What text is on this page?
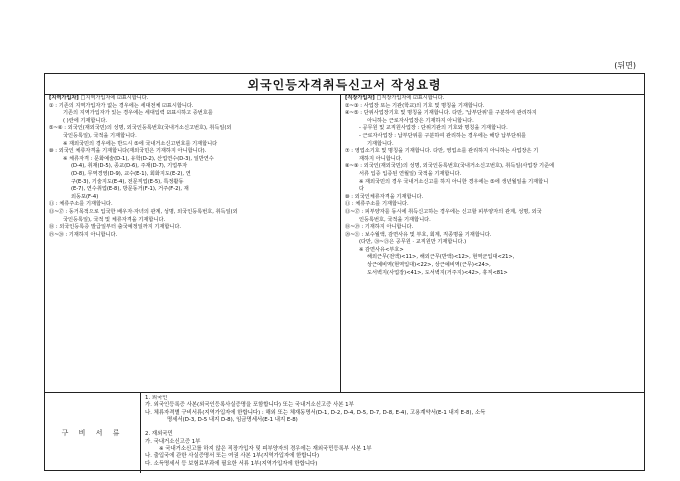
(뒤면)
외국인등자격취득신고서 작성요령
[지역가입자] □지역가입자에 ☑표시합니다.
① : 기존의 지역가입자가 없는 경우에는 세대전체 ☑표시합니다.
기존의 지역가입자가 있는 경우에는 세대입력 ☑표시하고 증번호를
( )란에 기재합니다.
⑤~⑥ : 외국인(재외국민)의 성명, 외국인등록번호(국내거소신고번호), 취득일(외
국인등록일), 국적을 기재합니다.
※ 재외국민의 경우에는 반드시 ⑤에 국내거소신고번호를 기재합니다
⑩ : 외국인 체류자격을 기재합니다(재외국민은 기재하지 아니합니다).
※ 체류자격 : 문화예술(D-1), 유학(D-2), 산업연수(D-3), 일반연수
(D-4), 취재(D-5), 종교(D-6), 주재(D-7), 기업투자
(D-8), 무역경영(D-9), 교수(E-1), 회화지도(E-2), 연
구(E-3), 기술지도(E-4), 전문직업(E-5), 특정활동
(E-7), 연수취업(E-8), 방문동거(F-1), 거주(F-2), 재
외동포(F-4)
⑪ : 체류주소를 기재합니다.
⑬~⑰ : 동거목적으로 입국한 배우자·자녀의 관계, 성명, 외국인등록번호, 취득일(외
국인등록일), 국적 및 체류자격을 기재합니다.
⑱ : 외국인등록증 발급일부터 출국예정일까지 기재합니다.
⑲~⑳ : 기재하지 아니합니다.
[직장가입자] □직장가입자에 ☑표시합니다.
②~③ : 사업장 또는 기관(학교)의 기호 및 명칭을 기재합니다.
④~⑤ : 단위사업장기호 및 명칭을 기재합니다. 다만, '납부단위'를 구분하여 관리하지
아니하는 근로자사업장은 기재하지 아니합니다.
- 공무원 및 교직원사업장 : 단위기관의 기호와 명칭을 기재합니다.
- 근로자사업장 : 납부단위를 구분하여 관리하는 경우에는 해당 납부단위를
기재합니다.
⑦ : 영업소기호 및 명칭을 기재합니다. 다만, 영업소를 관리하지 아니하는 사업장은 기
재하지 아니합니다.
⑧~⑨ : 외국인(재외국민)의 성명, 외국인등록번호(국내거소신고번호), 취득일(사업장 기준에
서류 입증 입증된 연월일) 국적을 기재합니다.
※ 재외국민의 경우 국내거소신고를 하지 아니한 경우에는 ⑤에 생년월일을 기재합니
다
⑩ : 외국인체류자격을 기재합니다.
⑪ : 체류주소를 기재합니다.
⑬~⑰ : 피부양자를 동시에 취득신고하는 경우에는 신고할 피부양자의 관계, 성명, 외국
인등록번호, 국적을 기재합니다.
⑱~⑲ : 기재하지 아니합니다.
⑳~㉑ : 보수월액, 감면사유 및 부호, 회계, 직종명을 기재합니다.
(다만, ⑳~㉑은 공무원 · 교직원만 기재합니다.)
※ 감면사유<부호>
해외근무(전액)<11>, 해외근무(반액)<12>, 현역군입대<21>,
상근예비역(현역입대)<22>, 상근예비역(근무)<24>,
도서벽지(사업장)<41>, 도서벽지(거주지)<42>, 휴직<81>
구 비 서 류
1. 외국인
가. 외국인등록증 사본(외국인등록사실증명을 포함합니다) 또는 국내거소신고증 사본 1부
나. 체류자격별 구비서류(지역가입자에 한합니다) : 해외 또는 체재동명서(D-1, D-2, D-4, D-5, D-7, D-8, E-4), 고용계약서(E-1 내지 E-8), 소득
명세서(D-3, D-5 내지 D-8), 임금명세서(E-1 내지 E-8)

2. 재외국민
가. 국내거소신고증 1부
※ 국내거소신고를 하지 않은 직장가입자 및 피부양자의 경우에는 재외국민등록부 사본 1부
나. 출입국에 관한 사실증명서 또는 여권 사본 1부(지역가입자에 한합니다)
다. 소득명세서 등 보험료부과에 필요한 서류 1부(지역가입자에 한합니다)
